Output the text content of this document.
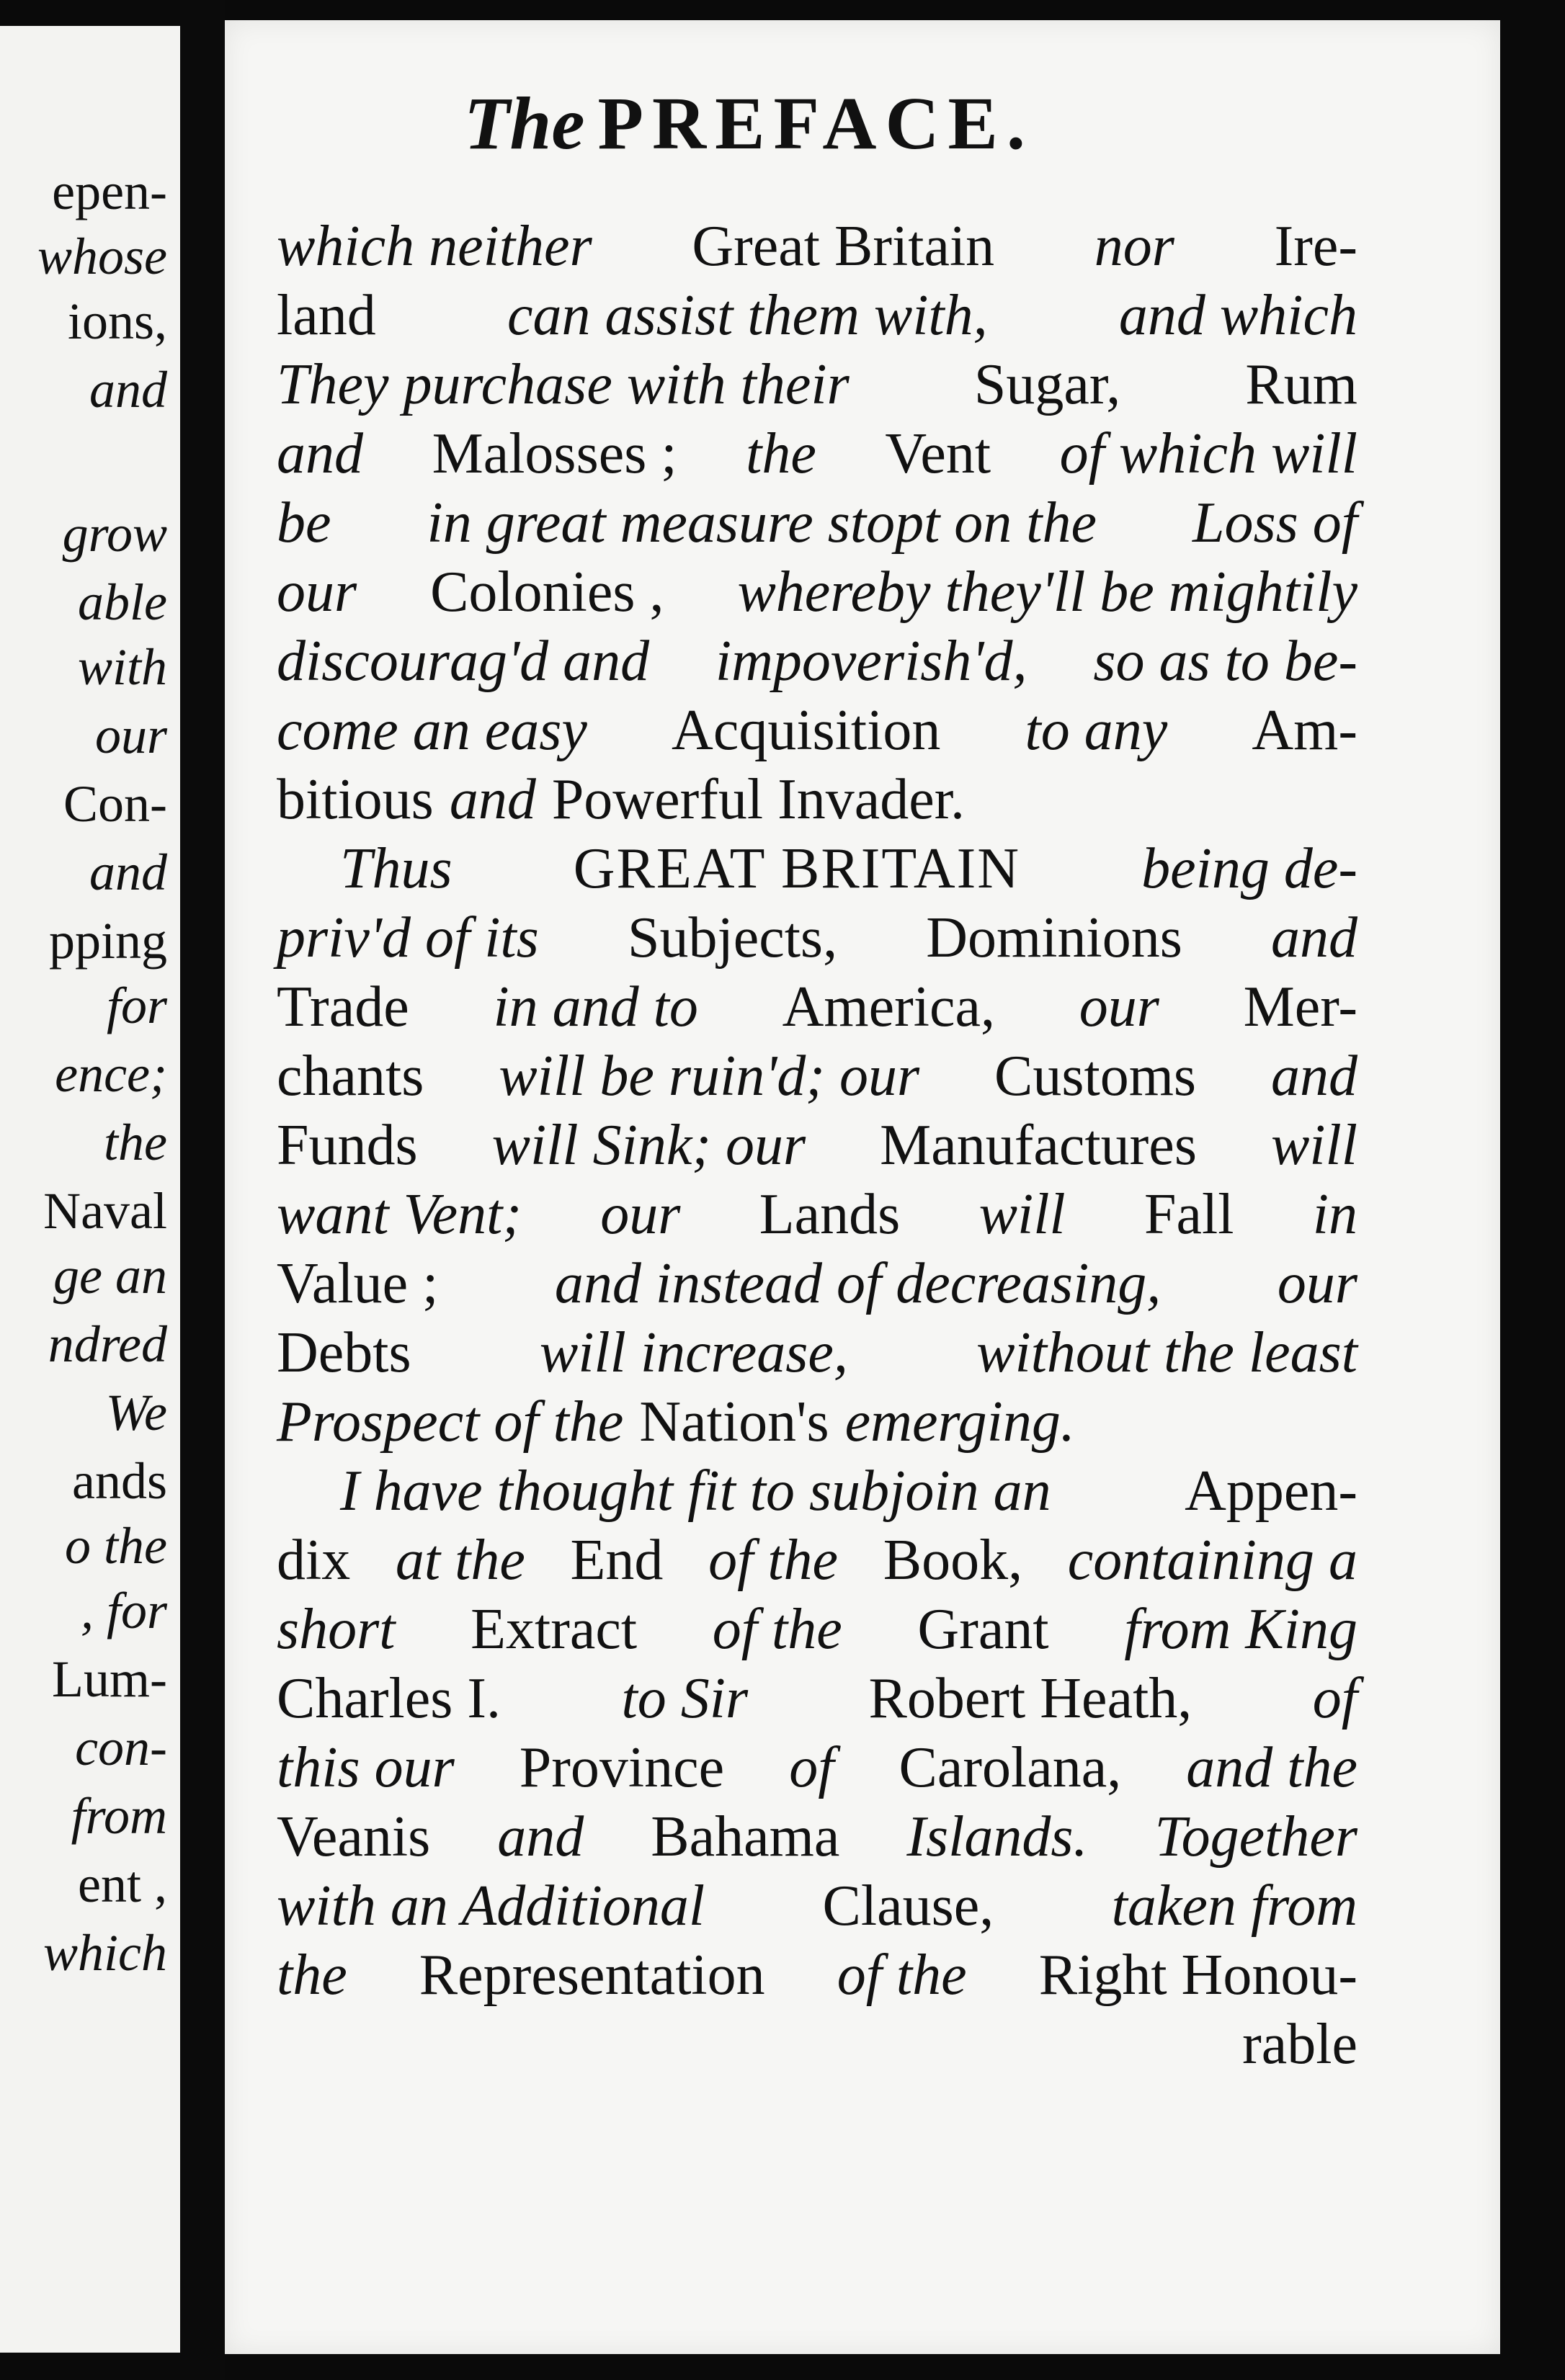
epen-
whose
ions,
and
grow
able
with
our
Con-
and
pping
for
ence;
the
Naval
ge an
ndred
We
ands
o the
, for
Lum-
con-
from
ent ,
which
The PREFACE.
which neither Great Britain nor Ire-
land can assist them with, and which
They purchase with their Sugar, Rum
and Malosses ; the Vent of which will
be in great measure stopt on the Loss of
our Colonies , whereby they'll be mightily
discourag'd and impoverish'd, so as to be-
come an easy Acquisition to any Am-
bitious and Powerful Invader.
Thus GREAT BRITAIN being de-
priv'd of its Subjects, Dominions and
Trade in and to America, our Mer-
chants will be ruin'd; our Customs and
Funds will Sink; our Manufactures will
want Vent; our Lands will Fall in
Value ; and instead of decreasing, our
Debts will increase, without the least
Prospect of the Nation's emerging.
I have thought fit to subjoin an Appen-
dix at the End of the Book, containing a
short Extract of the Grant from King
Charles I. to Sir Robert Heath, of
this our Province of Carolana, and the
Veanis and Bahama Islands. Together
with an Additional Clause, taken from
the Representation of the Right Honou-
rable
